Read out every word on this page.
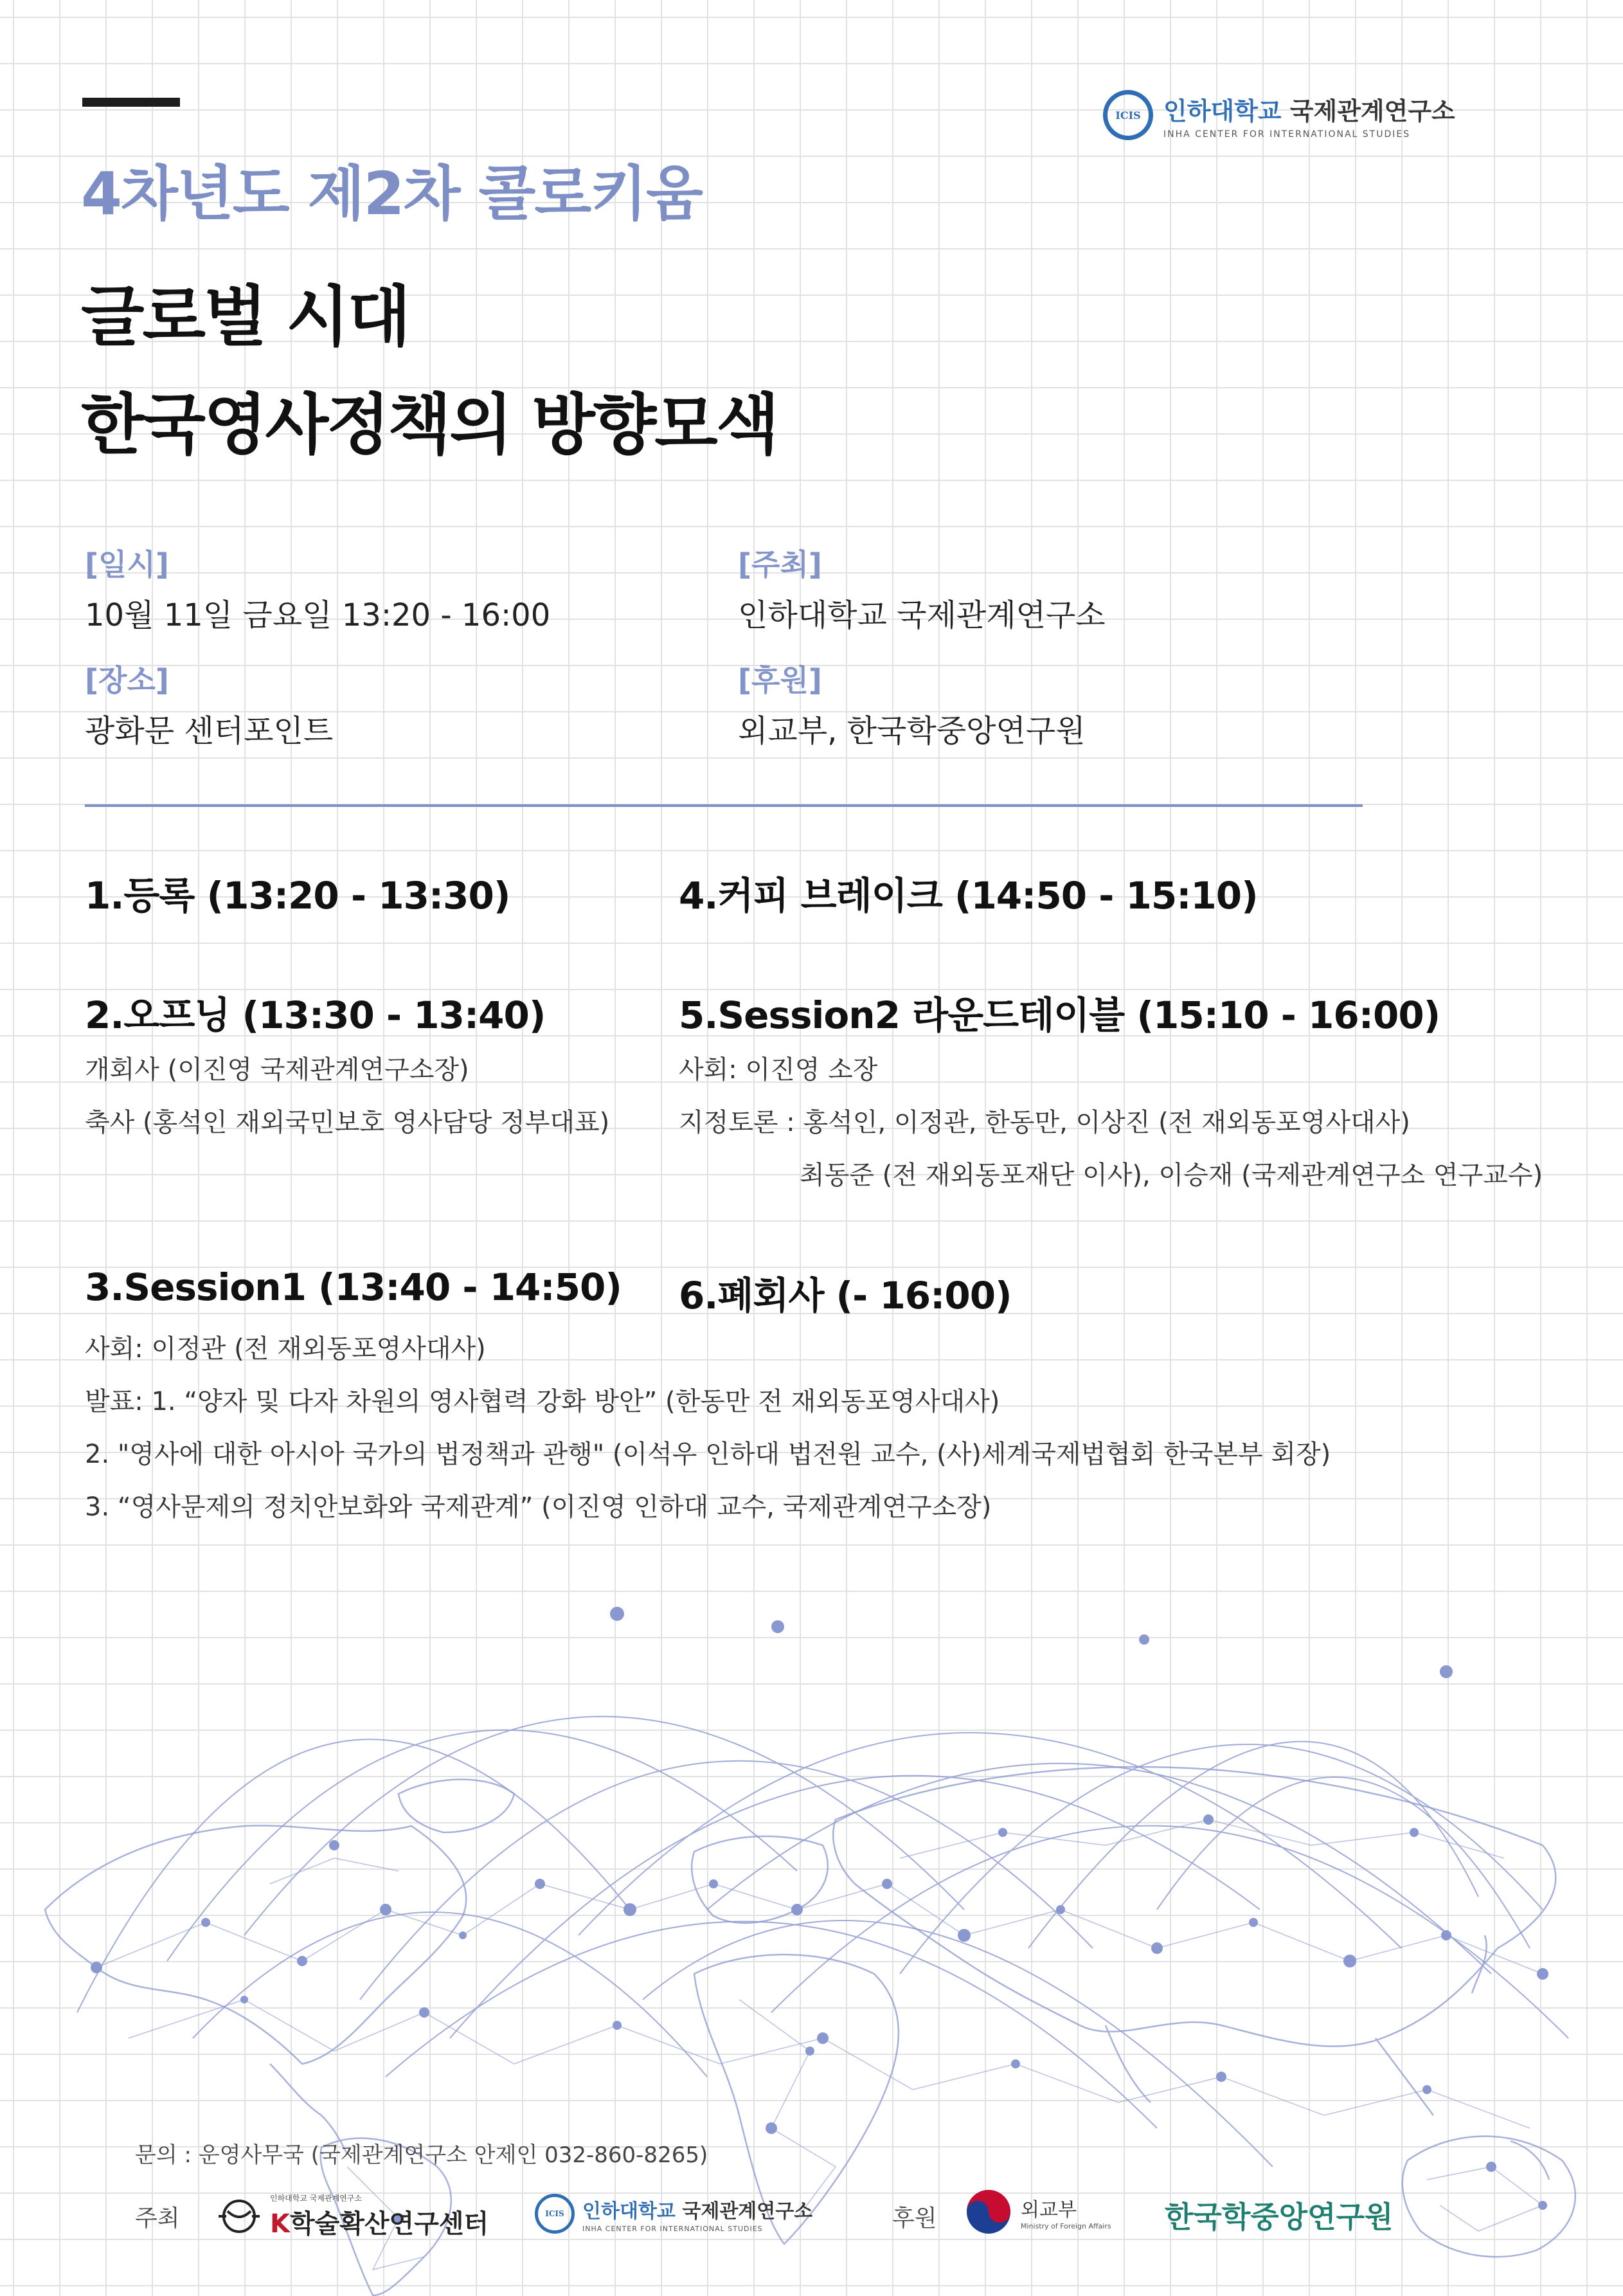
ICIS 인하대학교 국제관계연구소
INHA CENTER FOR INTERNATIONAL STUDIES
4차년도 제2차 콜로키움
글로벌 시대
한국영사정책의 방향모색
[일시]
10월 11일 금요일 13:20 - 16:00
[장소]
광화문 센터포인트
[주최]
인하대학교 국제관계연구소
[후원]
외교부, 한국학중앙연구원
1.등록 (13:20 - 13:30)
2.오프닝 (13:30 - 13:40)
개회사 (이진영 국제관계연구소장)
축사 (홍석인 재외국민보호 영사담당 정부대표)
3.Session1 (13:40 - 14:50)
사회: 이정관 (전 재외동포영사대사)
발표: 1. “양자 및 다자 차원의 영사협력 강화 방안” (한동만 전 재외동포영사대사)
2. "영사에 대한 아시아 국가의 법정책과 관행" (이석우 인하대 법전원 교수, (사)세계국제법협회 한국본부 회장)
3. “영사문제의 정치안보화와 국제관계” (이진영 인하대 교수, 국제관계연구소장)
4.커피 브레이크 (14:50 - 15:10)
5.Session2 라운드테이블 (15:10 - 16:00)
사회: 이진영 소장
지정토론 : 홍석인, 이정관, 한동만, 이상진 (전 재외동포영사대사)
최동준 (전 재외동포재단 이사), 이승재 (국제관계연구소 연구교수)
6.폐회사 (- 16:00)
문의 : 운영사무국 (국제관계연구소 안제인 032-860-8265)
주최
인하대학교 국제관계연구소
K학술확산연구센터	ICIS 인하대학교 국제관계연구소
INHA CENTER FOR INTERNATIONAL STUDIES	후원	외교부
Ministry of Foreign Affairs 한국학중앙연구원
